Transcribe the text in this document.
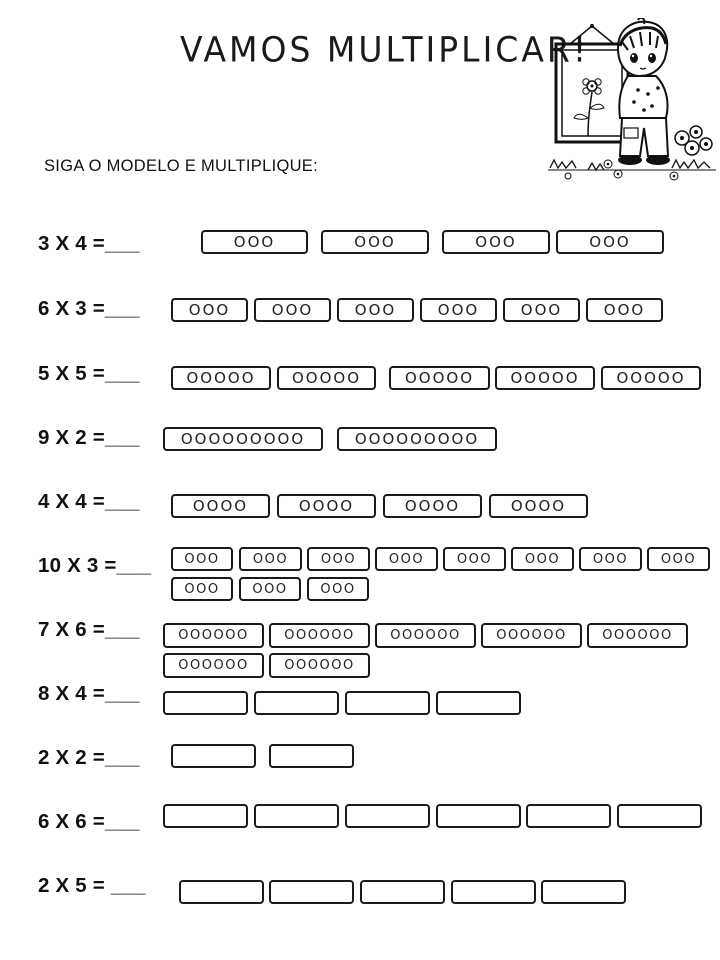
VAMOS MULTIPLICAR!
SIGA O MODELO E MULTIPLIQUE:
3 X 4 =___	OOO	OOO	OOO	OOO
6 X 3 =___	OOO	OOO	OOO	OOO	OOO	OOO
5 X 5 =___	OOOOO	OOOOO	OOOOO	OOOOO	OOOOO
9 X 2 =___	OOOOOOOOO	OOOOOOOOO
4 X 4 =___	OOOO	OOOO	OOOO	OOOO
10 X 3 =___	OOO	OOO	OOO	OOO	OOO	OOO	OOO	OOO
OOO	OOO	OOO
7 X 6 =___	OOOOOO	OOOOOO	OOOOOO	OOOOOO	OOOOOO
OOOOOO	OOOOOO
8 X 4 =___
2 X 2 =___
6 X 6 =___
2 X 5 = ___
